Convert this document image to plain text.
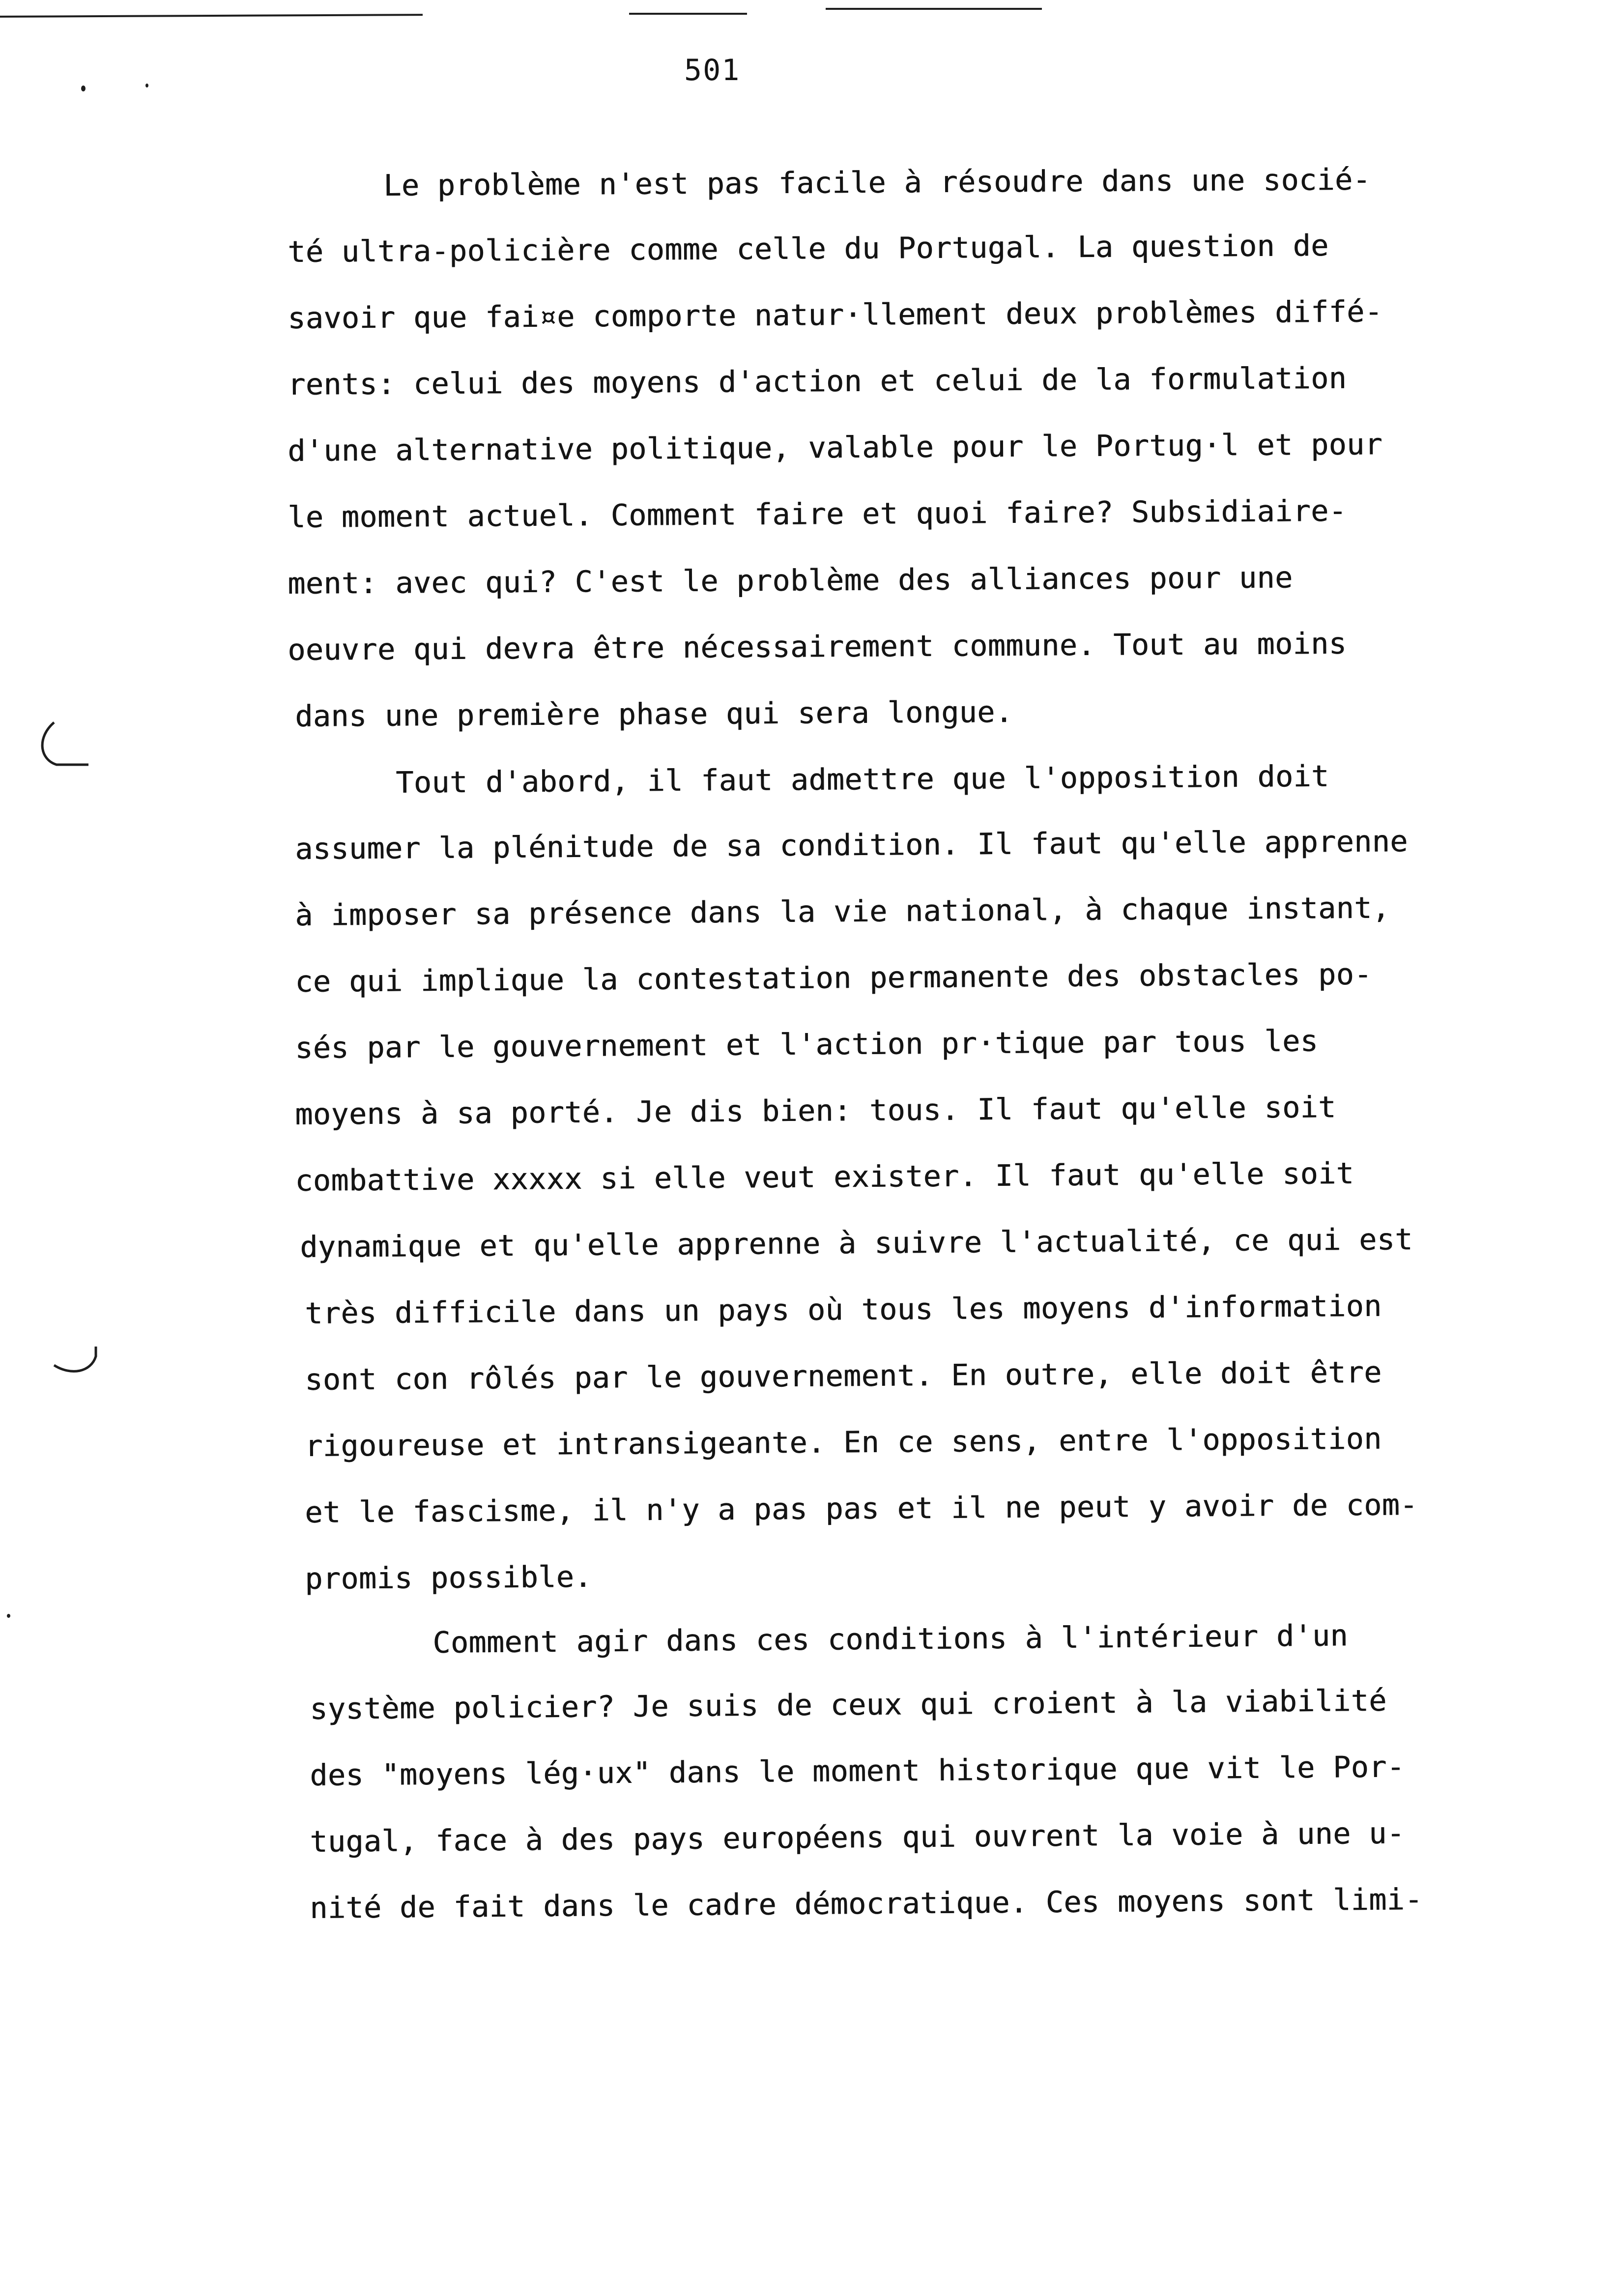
501
Le problème n'est pas facile à résoudre dans une socié-
té ultra-policière comme celle du Portugal. La question de
savoir que fai¤e comporte natur·llement deux problèmes diffé-
rents: celui des moyens d'action et celui de la formulation
d'une alternative politique, valable pour le Portug·l et pour
le moment actuel. Comment faire et quoi faire? Subsidiaire-
ment: avec qui? C'est le problème des alliances pour une
oeuvre qui devra être nécessairement commune. Tout au moins
dans une première phase qui sera longue.
Tout d'abord, il faut admettre que l'opposition doit
assumer la plénitude de sa condition. Il faut qu'elle apprenne
à imposer sa présence dans la vie national, à chaque instant,
ce qui implique la contestation permanente des obstacles po-
sés par le gouvernement et l'action pr·tique par tous les
moyens à sa porté. Je dis bien: tous. Il faut qu'elle soit
combattive xxxxx si elle veut exister. Il faut qu'elle soit
dynamique et qu'elle apprenne à suivre l'actualité, ce qui est
très difficile dans un pays où tous les moyens d'information
sont con rôlés par le gouvernement. En outre, elle doit être
rigoureuse et intransigeante. En ce sens, entre l'opposition
et le fascisme, il n'y a pas pas et il ne peut y avoir de com-
promis possible.
Comment agir dans ces conditions à l'intérieur d'un
système policier? Je suis de ceux qui croient à la viabilité
des "moyens lég·ux" dans le moment historique que vit le Por-
tugal, face à des pays européens qui ouvrent la voie à une u-
nité de fait dans le cadre démocratique. Ces moyens sont limi-
